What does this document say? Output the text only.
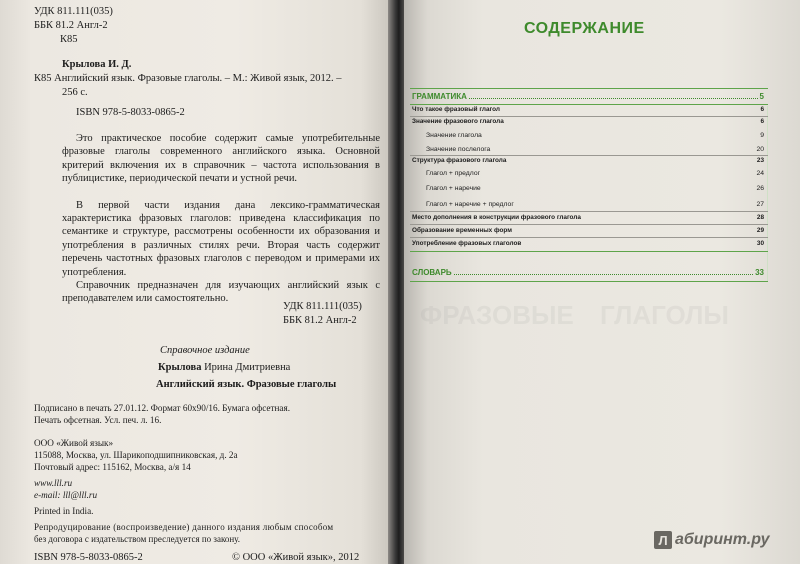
УДК 811.111(035)
ББК 81.2 Англ-2
К85
Крылова И. Д.
К85 Английский язык. Фразовые глаголы. – М.: Живой язык, 2012. –
256 с.
ISBN 978-5-8033-0865-2

Это практическое пособие содержит самые употребительные фразовые глаголы современного английского языка. Основной критерий включения их в справочник – частота использования в публицистике, периодической печати и устной речи.

В первой части издания дана лексико-грамматическая характеристика фразовых глаголов: приведена классификация по семантике и структуре, рассмотрены особенности их образования и употребления в различных стилях речи. Вторая часть содержит перечень частотных фразовых глаголов с переводом и примерами их употребления.

Справочник предназначен для изучающих английский язык с преподавателем или самостоятельно.

УДК 811.111(035)
ББК 81.2 Англ-2
Справочное издание
Крылова Ирина Дмитриевна
Английский язык. Фразовые глаголы
Подписано в печать 27.01.12. Формат 60х90/16. Бумага офсетная.
Печать офсетная. Усл. печ. л. 16.
ООО «Живой язык»
115088, Москва, ул. Шарикоподшипниковская, д. 2а
Почтовый адрес: 115162, Москва, а/я 14
www.lll.ru
e-mail: lll@lll.ru
Printed in India.
Репродуцирование (воспроизведение) данного издания любым способом
без договора с издательством преследуется по закону.
ISBN 978-5-8033-0865-2	© ООО «Живой язык», 2012
ФРАЗОВЫЕ ГЛАГОЛЫ
СОДЕРЖАНИЕ
ГРАММАТИКА	5
Что такое фразовый глагол	6
Значение фразового глагола	6
Значение глагола	9
Значение послелога	20
Структура фразового глагола	23
Глагол + предлог	24
Глагол + наречие	26
Глагол + наречие + предлог	27
Место дополнения в конструкции фразового глагола	28
Образование временных форм	29
Употребление фразовых глаголов	30
СЛОВАРЬ	33
Л абиринт.ру
